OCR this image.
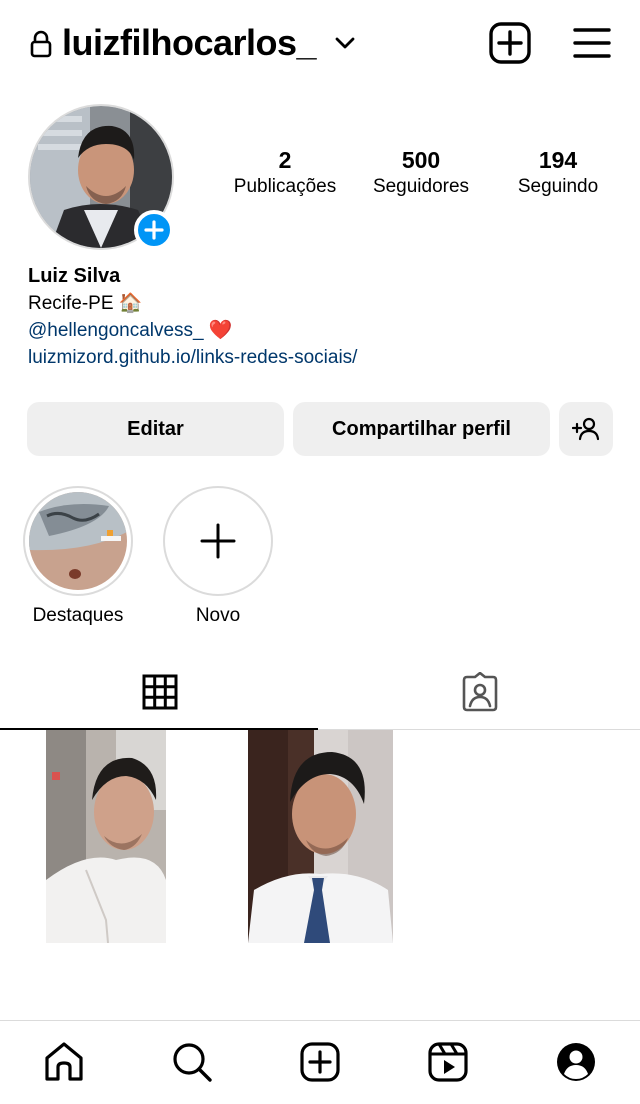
luizfilhocarlos_
2
Publicações
500
Seguidores
194
Seguindo
Luiz Silva
Recife-PE 🏠
@hellengoncalvess_ ❤️
luizmizord.github.io/links-redes-sociais/
Editar	Compartilhar perfil
Destaques	Novo
